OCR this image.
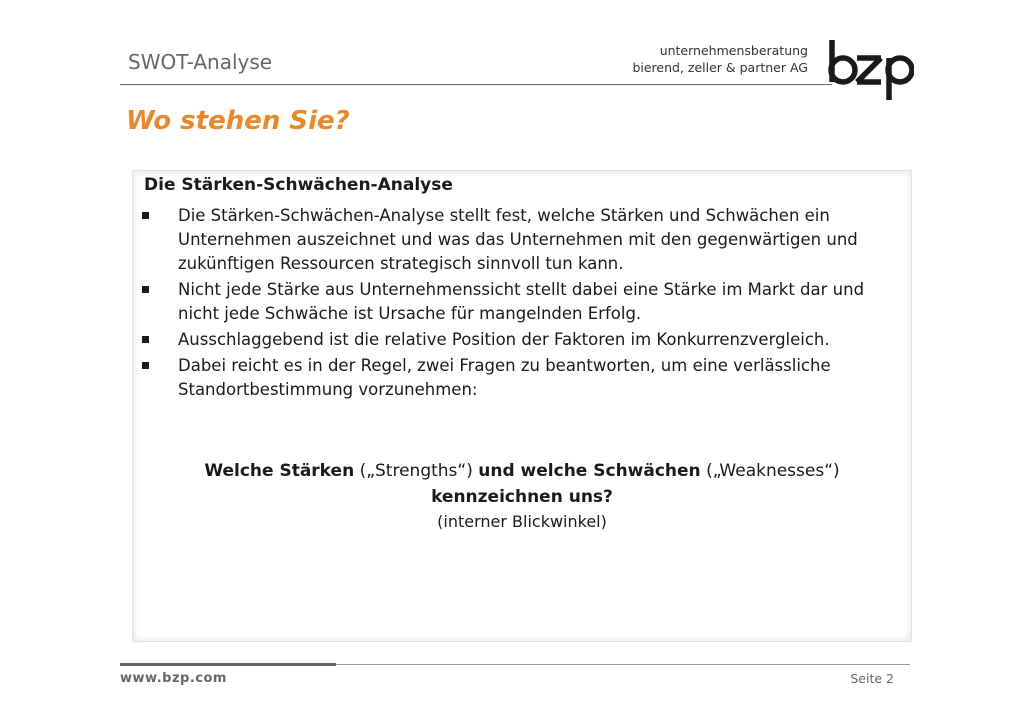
SWOT-Analyse	unternehmensberatung
bierend, zeller & partner AG
Wo stehen Sie?
Die Stärken-Schwächen-Analyse
Die Stärken-Schwächen-Analyse stellt fest, welche Stärken und Schwächen ein Unternehmen auszeichnet und was das Unternehmen mit den gegenwärtigen und zukünftigen Ressourcen strategisch sinnvoll tun kann.
Nicht jede Stärke aus Unternehmenssicht stellt dabei eine Stärke im Markt dar und nicht jede Schwäche ist Ursache für mangelnden Erfolg.
Ausschlaggebend ist die relative Position der Faktoren im Konkurrenzvergleich.
Dabei reicht es in der Regel, zwei Fragen zu beantworten, um eine verlässliche Standortbestimmung vorzunehmen:
Welche Stärken („Strengths“) und welche Schwächen („Weaknesses“)
kennzeichnen uns?
(interner Blickwinkel)
www.bzp.com	Seite 2
